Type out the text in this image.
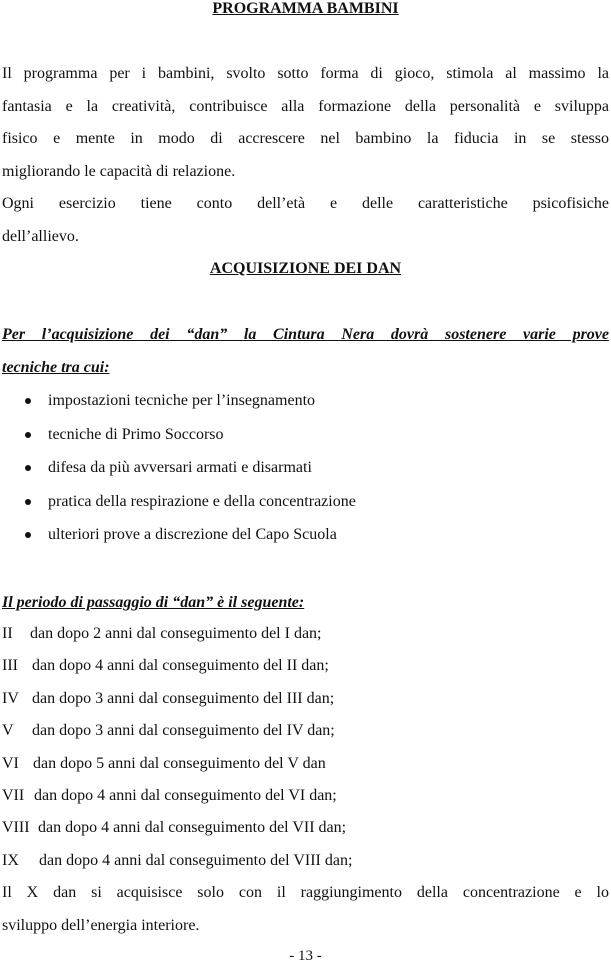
PROGRAMMA BAMBINI
Il programma per i bambini, svolto sotto forma di gioco, stimola al massimo la
fantasia e la creatività, contribuisce alla formazione della personalità e sviluppa
fisico e mente in modo di accrescere nel bambino la fiducia in se stesso
migliorando le capacità di relazione.
Ogni esercizio tiene conto dell’età e delle caratteristiche psicofisiche
dell’allievo.
ACQUISIZIONE DEI DAN
Per l’acquisizione dei “dan” la Cintura Nera dovrà sostenere varie prove
tecniche tra cui:
impostazioni tecniche per l’insegnamento
tecniche di Primo Soccorso
difesa da più avversari armati e disarmati
pratica della respirazione e della concentrazione
ulteriori prove a discrezione del Capo Scuola
Il periodo di passaggio di “dan” è il seguente:
II dan dopo 2 anni dal conseguimento del I dan;
III dan dopo 4 anni dal conseguimento del II dan;
IV dan dopo 3 anni dal conseguimento del III dan;
V dan dopo 3 anni dal conseguimento del IV dan;
VI dan dopo 5 anni dal conseguimento del V dan
VII dan dopo 4 anni dal conseguimento del VI dan;
VIII dan dopo 4 anni dal conseguimento del VII dan;
IX dan dopo 4 anni dal conseguimento del VIII dan;
Il X dan si acquisisce solo con il raggiungimento della concentrazione e lo
sviluppo dell’energia interiore.
- 13 -
